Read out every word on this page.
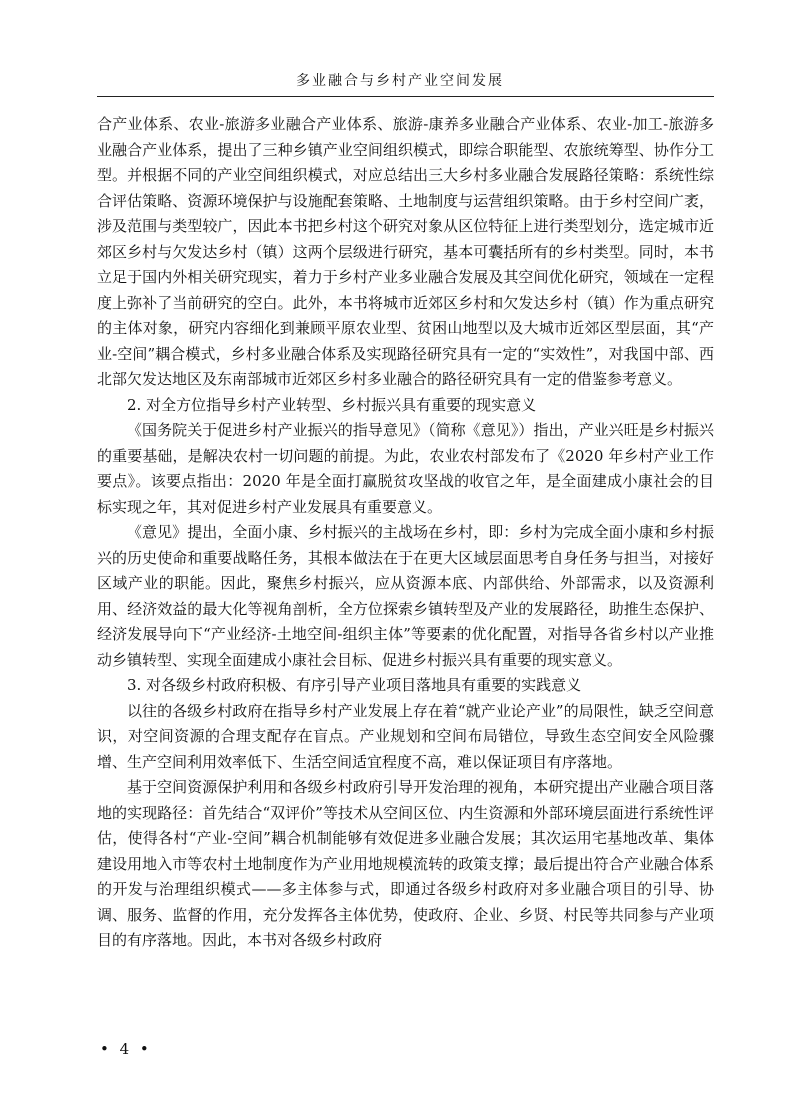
多业融合与乡村产业空间发展

合产业体系、农业-旅游多业融合产业体系、旅游-康养多业融合产业体系、农业-加工-旅游多业融合产业体系，提出了三种乡镇产业空间组织模式，即综合职能型、农旅统筹型、协作分工型。并根据不同的产业空间组织模式，对应总结出三大乡村多业融合发展路径策略：系统性综合评估策略、资源环境保护与设施配套策略、土地制度与运营组织策略。由于乡村空间广袤，涉及范围与类型较广，因此本书把乡村这个研究对象从区位特征上进行类型划分，选定城市近郊区乡村与欠发达乡村（镇）这两个层级进行研究，基本可囊括所有的乡村类型。同时，本书立足于国内外相关研究现实，着力于乡村产业多业融合发展及其空间优化研究，领域在一定程度上弥补了当前研究的空白。此外，本书将城市近郊区乡村和欠发达乡村（镇）作为重点研究的主体对象，研究内容细化到兼顾平原农业型、贫困山地型以及大城市近郊区型层面，其“产业-空间”耦合模式，乡村多业融合体系及实现路径研究具有一定的“实效性”，对我国中部、西北部欠发达地区及东南部城市近郊区乡村多业融合的路径研究具有一定的借鉴参考意义。

2. 对全方位指导乡村产业转型、乡村振兴具有重要的现实意义

《国务院关于促进乡村产业振兴的指导意见》（简称《意见》）指出，产业兴旺是乡村振兴的重要基础，是解决农村一切问题的前提。为此，农业农村部发布了《2020 年乡村产业工作要点》。该要点指出：2020 年是全面打赢脱贫攻坚战的收官之年，是全面建成小康社会的目标实现之年，其对促进乡村产业发展具有重要意义。

《意见》提出，全面小康、乡村振兴的主战场在乡村，即：乡村为完成全面小康和乡村振兴的历史使命和重要战略任务，其根本做法在于在更大区域层面思考自身任务与担当，对接好区域产业的职能。因此，聚焦乡村振兴，应从资源本底、内部供给、外部需求，以及资源利用、经济效益的最大化等视角剖析，全方位探索乡镇转型及产业的发展路径，助推生态保护、经济发展导向下“产业经济-土地空间-组织主体”等要素的优化配置，对指导各省乡村以产业推动乡镇转型、实现全面建成小康社会目标、促进乡村振兴具有重要的现实意义。

3. 对各级乡村政府积极、有序引导产业项目落地具有重要的实践意义

以往的各级乡村政府在指导乡村产业发展上存在着“就产业论产业”的局限性，缺乏空间意识，对空间资源的合理支配存在盲点。产业规划和空间布局错位，导致生态空间安全风险骤增、生产空间利用效率低下、生活空间适宜程度不高，难以保证项目有序落地。

基于空间资源保护利用和各级乡村政府引导开发治理的视角，本研究提出产业融合项目落地的实现路径：首先结合“双评价”等技术从空间区位、内生资源和外部环境层面进行系统性评估，使得各村“产业-空间”耦合机制能够有效促进多业融合发展；其次运用宅基地改革、集体建设用地入市等农村土地制度作为产业用地规模流转的政策支撑；最后提出符合产业融合体系的开发与治理组织模式——多主体参与式，即通过各级乡村政府对多业融合项目的引导、协调、服务、监督的作用，充分发挥各主体优势，使政府、企业、乡贤、村民等共同参与产业项目的有序落地。因此，本书对各级乡村政府

• 4 •
